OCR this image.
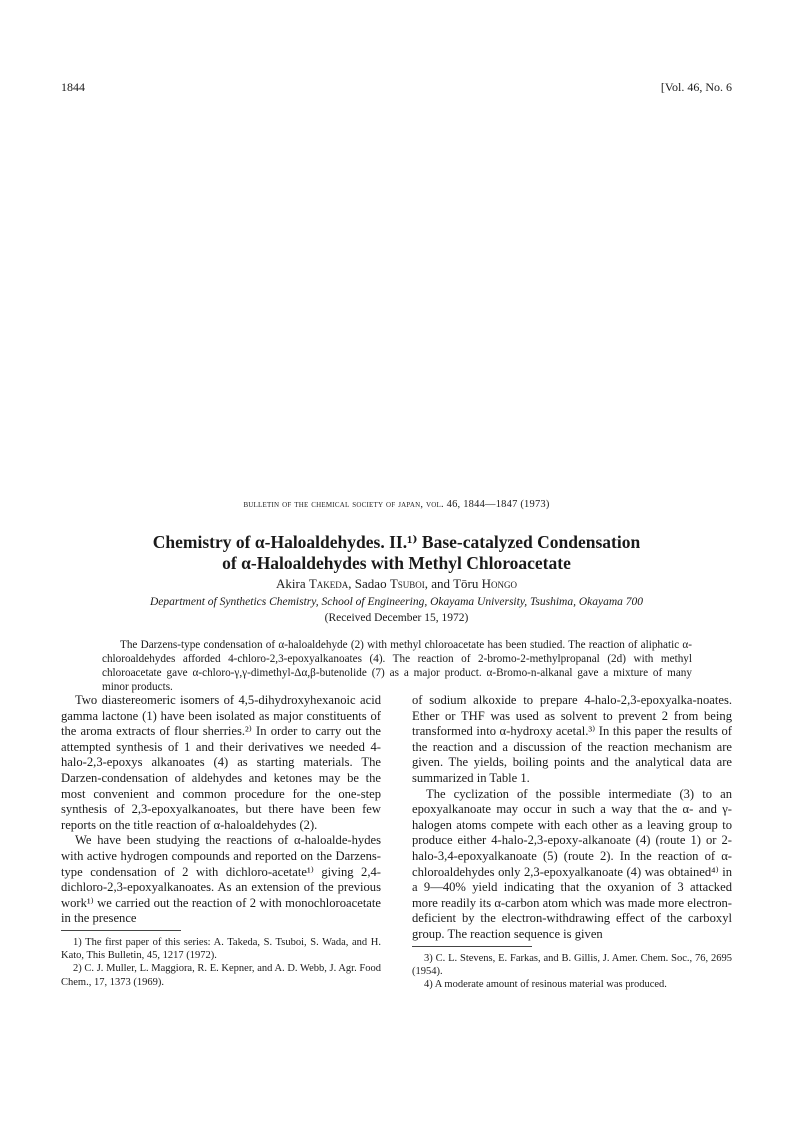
1844	[Vol. 46, No. 6
bulletin of the chemical society of japan, vol. 46, 1844—1847 (1973)
Chemistry of α-Haloaldehydes. II.¹⁾ Base-catalyzed Condensation
of α-Haloaldehydes with Methyl Chloroacetate
Akira Takeda, Sadao Tsuboi, and Tōru Hongo
Department of Synthetics Chemistry, School of Engineering, Okayama University, Tsushima, Okayama 700
(Received December 15, 1972)
The Darzens-type condensation of α-haloaldehyde (2) with methyl chloroacetate has been studied. The reaction of aliphatic α-chloroaldehydes afforded 4-chloro-2,3-epoxyalkanoates (4). The reaction of 2-bromo-2-methylpropanal (2d) with methyl chloroacetate gave α-chloro-γ,γ-dimethyl-Δα,β-butenolide (7) as a major product. α-Bromo-n-alkanal gave a mixture of many minor products.

Two diastereomeric isomers of 4,5-dihydroxyhexanoic acid gamma lactone (1) have been isolated as major constituents of the aroma extracts of flour sherries.²⁾ In order to carry out the attempted synthesis of 1 and their derivatives we needed 4-halo-2,3-epoxys alkanoates (4) as starting materials. The Darzen-condensation of aldehydes and ketones may be the most convenient and common procedure for the one-step synthesis of 2,3-epoxyalkanoates, but there have been few reports on the title reaction of α-haloaldehydes (2).

We have been studying the reactions of α-haloalde-hydes with active hydrogen compounds and reported on the Darzens-type condensation of 2 with dichloro-acetate¹⁾ giving 2,4-dichloro-2,3-epoxyalkanoates. As an extension of the previous work¹⁾ we carried out the reaction of 2 with monochloroacetate in the presence

1) The first paper of this series: A. Takeda, S. Tsuboi, S. Wada, and H. Kato, This Bulletin, 45, 1217 (1972).

2) C. J. Muller, L. Maggiora, R. E. Kepner, and A. D. Webb, J. Agr. Food Chem., 17, 1373 (1969).

of sodium alkoxide to prepare 4-halo-2,3-epoxyalka-noates. Ether or THF was used as solvent to prevent 2 from being transformed into α-hydroxy acetal.³⁾ In this paper the results of the reaction and a discussion of the reaction mechanism are given. The yields, boiling points and the analytical data are summarized in Table 1.

The cyclization of the possible intermediate (3) to an epoxyalkanoate may occur in such a way that the α- and γ-halogen atoms compete with each other as a leaving group to produce either 4-halo-2,3-epoxy-alkanoate (4) (route 1) or 2-halo-3,4-epoxyalkanoate (5) (route 2). In the reaction of α-chloroaldehydes only 2,3-epoxyalkanoate (4) was obtained⁴⁾ in a 9—40% yield indicating that the oxyanion of 3 attacked more readily its α-carbon atom which was made more electron-deficient by the electron-withdrawing effect of the carboxyl group. The reaction sequence is given

3) C. L. Stevens, E. Farkas, and B. Gillis, J. Amer. Chem. Soc., 76, 2695 (1954).

4) A moderate amount of resinous material was produced.
